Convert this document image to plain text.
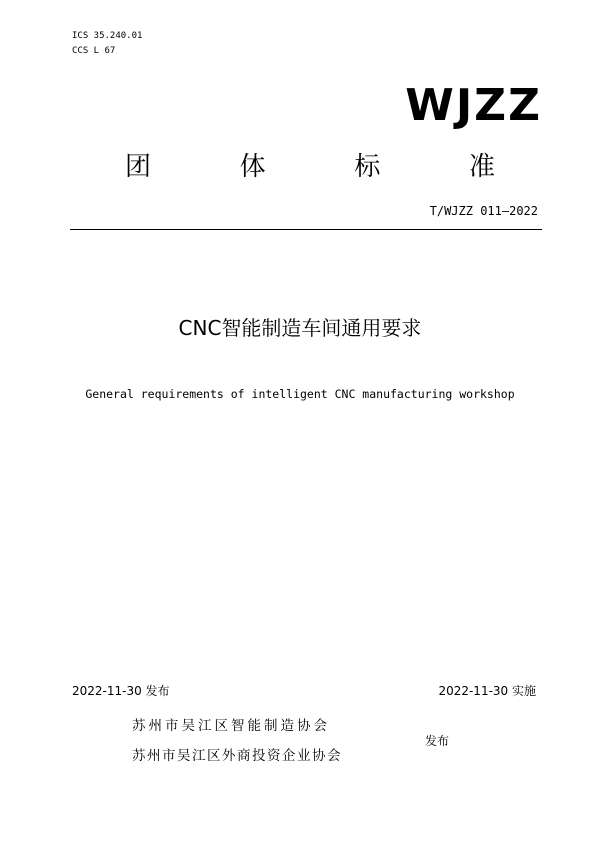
ICS 35.240.01
CCS L 67
WJZZ
团	体	标	准
T/WJZZ 011—2022
CNC智能制造车间通用要求
General requirements of intelligent CNC manufacturing workshop
2022-11-30 发布	2022-11-30 实施
苏州市吴江区智能制造协会
苏州市吴江区外商投资企业协会
发布
